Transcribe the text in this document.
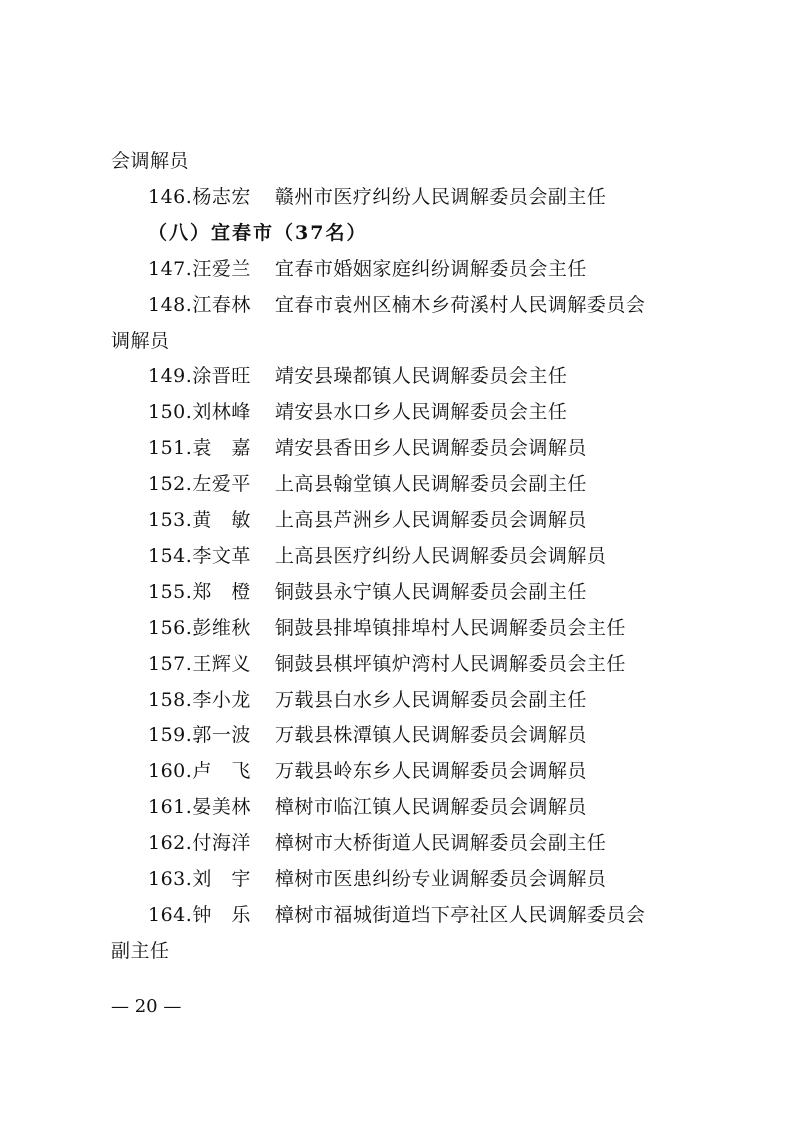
会调解员
146.杨志宏 赣州市医疗纠纷人民调解委员会副主任
（八）宜春市（37名）
147.汪爱兰 宜春市婚姻家庭纠纷调解委员会主任
148.江春林 宜春市袁州区楠木乡荷溪村人民调解委员会
调解员
149.涂晋旺 靖安县璪都镇人民调解委员会主任
150.刘林峰 靖安县水口乡人民调解委员会主任
151.袁　嘉 靖安县香田乡人民调解委员会调解员
152.左爱平 上高县翰堂镇人民调解委员会副主任
153.黄　敏 上高县芦洲乡人民调解委员会调解员
154.李文革 上高县医疗纠纷人民调解委员会调解员
155.郑　橙 铜鼓县永宁镇人民调解委员会副主任
156.彭维秋 铜鼓县排埠镇排埠村人民调解委员会主任
157.王辉义 铜鼓县棋坪镇炉湾村人民调解委员会主任
158.李小龙 万载县白水乡人民调解委员会副主任
159.郭一波 万载县株潭镇人民调解委员会调解员
160.卢　飞 万载县岭东乡人民调解委员会调解员
161.晏美林 樟树市临江镇人民调解委员会调解员
162.付海洋 樟树市大桥街道人民调解委员会副主任
163.刘　宇 樟树市医患纠纷专业调解委员会调解员
164.钟　乐 樟树市福城街道垱下亭社区人民调解委员会
副主任
— 20 —
